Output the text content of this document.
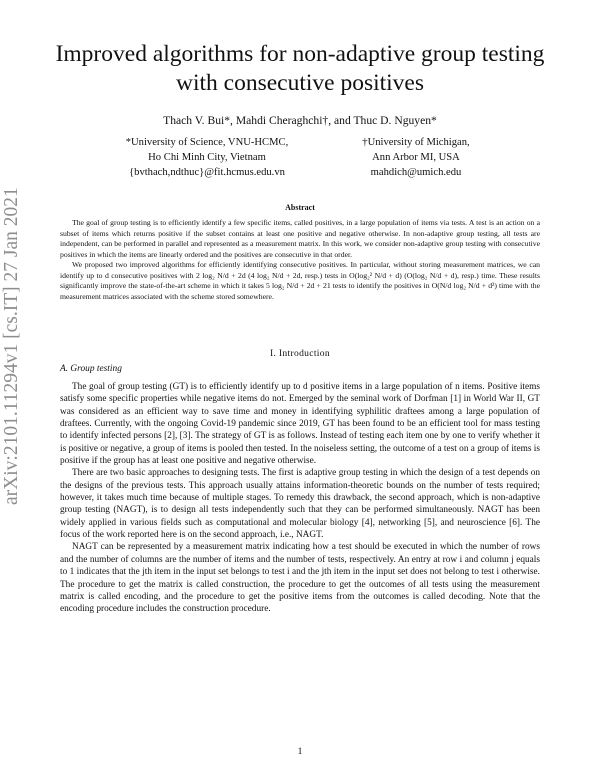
arXiv:2101.11294v1 [cs.IT] 27 Jan 2021
Improved algorithms for non-adaptive group testing with consecutive positives
Thach V. Bui*, Mahdi Cheraghchi†, and Thuc D. Nguyen*
*University of Science, VNU-HCMC,
Ho Chi Minh City, Vietnam
{bvthach,ndthuc}@fit.hcmus.edu.vn
†University of Michigan,
Ann Arbor MI, USA
mahdich@umich.edu
Abstract

The goal of group testing is to efficiently identify a few specific items, called positives, in a large population of items via tests. A test is an action on a subset of items which returns positive if the subset contains at least one positive and negative otherwise. In non-adaptive group testing, all tests are independent, can be performed in parallel and represented as a measurement matrix. In this work, we consider non-adaptive group testing with consecutive positives in which the items are linearly ordered and the positives are consecutive in that order.

We proposed two improved algorithms for efficiently identifying consecutive positives. In particular, without storing measurement matrices, we can identify up to d consecutive positives with 2 log₂ N/d + 2d (4 log₂ N/d + 2d, resp.) tests in O(log₂² N/d + d) (O(log₂ N/d + d), resp.) time. These results significantly improve the state-of-the-art scheme in which it takes 5 log₂ N/d + 2d + 21 tests to identify the positives in O(N/d log₂ N/d + d²) time with the measurement matrices associated with the scheme stored somewhere.

I. Introduction
A. Group testing

The goal of group testing (GT) is to efficiently identify up to d positive items in a large population of n items. Positive items satisfy some specific properties while negative items do not. Emerged by the seminal work of Dorfman [1] in World War II, GT was considered as an efficient way to save time and money in identifying syphilitic draftees among a large population of draftees. Currently, with the ongoing Covid-19 pandemic since 2019, GT has been found to be an efficient tool for mass testing to identify infected persons [2], [3]. The strategy of GT is as follows. Instead of testing each item one by one to verify whether it is positive or negative, a group of items is pooled then tested. In the noiseless setting, the outcome of a test on a group of items is positive if the group has at least one positive and negative otherwise.

There are two basic approaches to designing tests. The first is adaptive group testing in which the design of a test depends on the designs of the previous tests. This approach usually attains information-theoretic bounds on the number of tests required; however, it takes much time because of multiple stages. To remedy this drawback, the second approach, which is non-adaptive group testing (NAGT), is to design all tests independently such that they can be performed simultaneously. NAGT has been widely applied in various fields such as computational and molecular biology [4], networking [5], and neuroscience [6]. The focus of the work reported here is on the second approach, i.e., NAGT.

NAGT can be represented by a measurement matrix indicating how a test should be executed in which the number of rows and the number of columns are the number of items and the number of tests, respectively. An entry at row i and column j equals to 1 indicates that the jth item in the input set belongs to test i and the jth item in the input set does not belong to test i otherwise. The procedure to get the matrix is called construction, the procedure to get the outcomes of all tests using the measurement matrix is called encoding, and the procedure to get the positive items from the outcomes is called decoding. Note that the encoding procedure includes the construction procedure.

1
